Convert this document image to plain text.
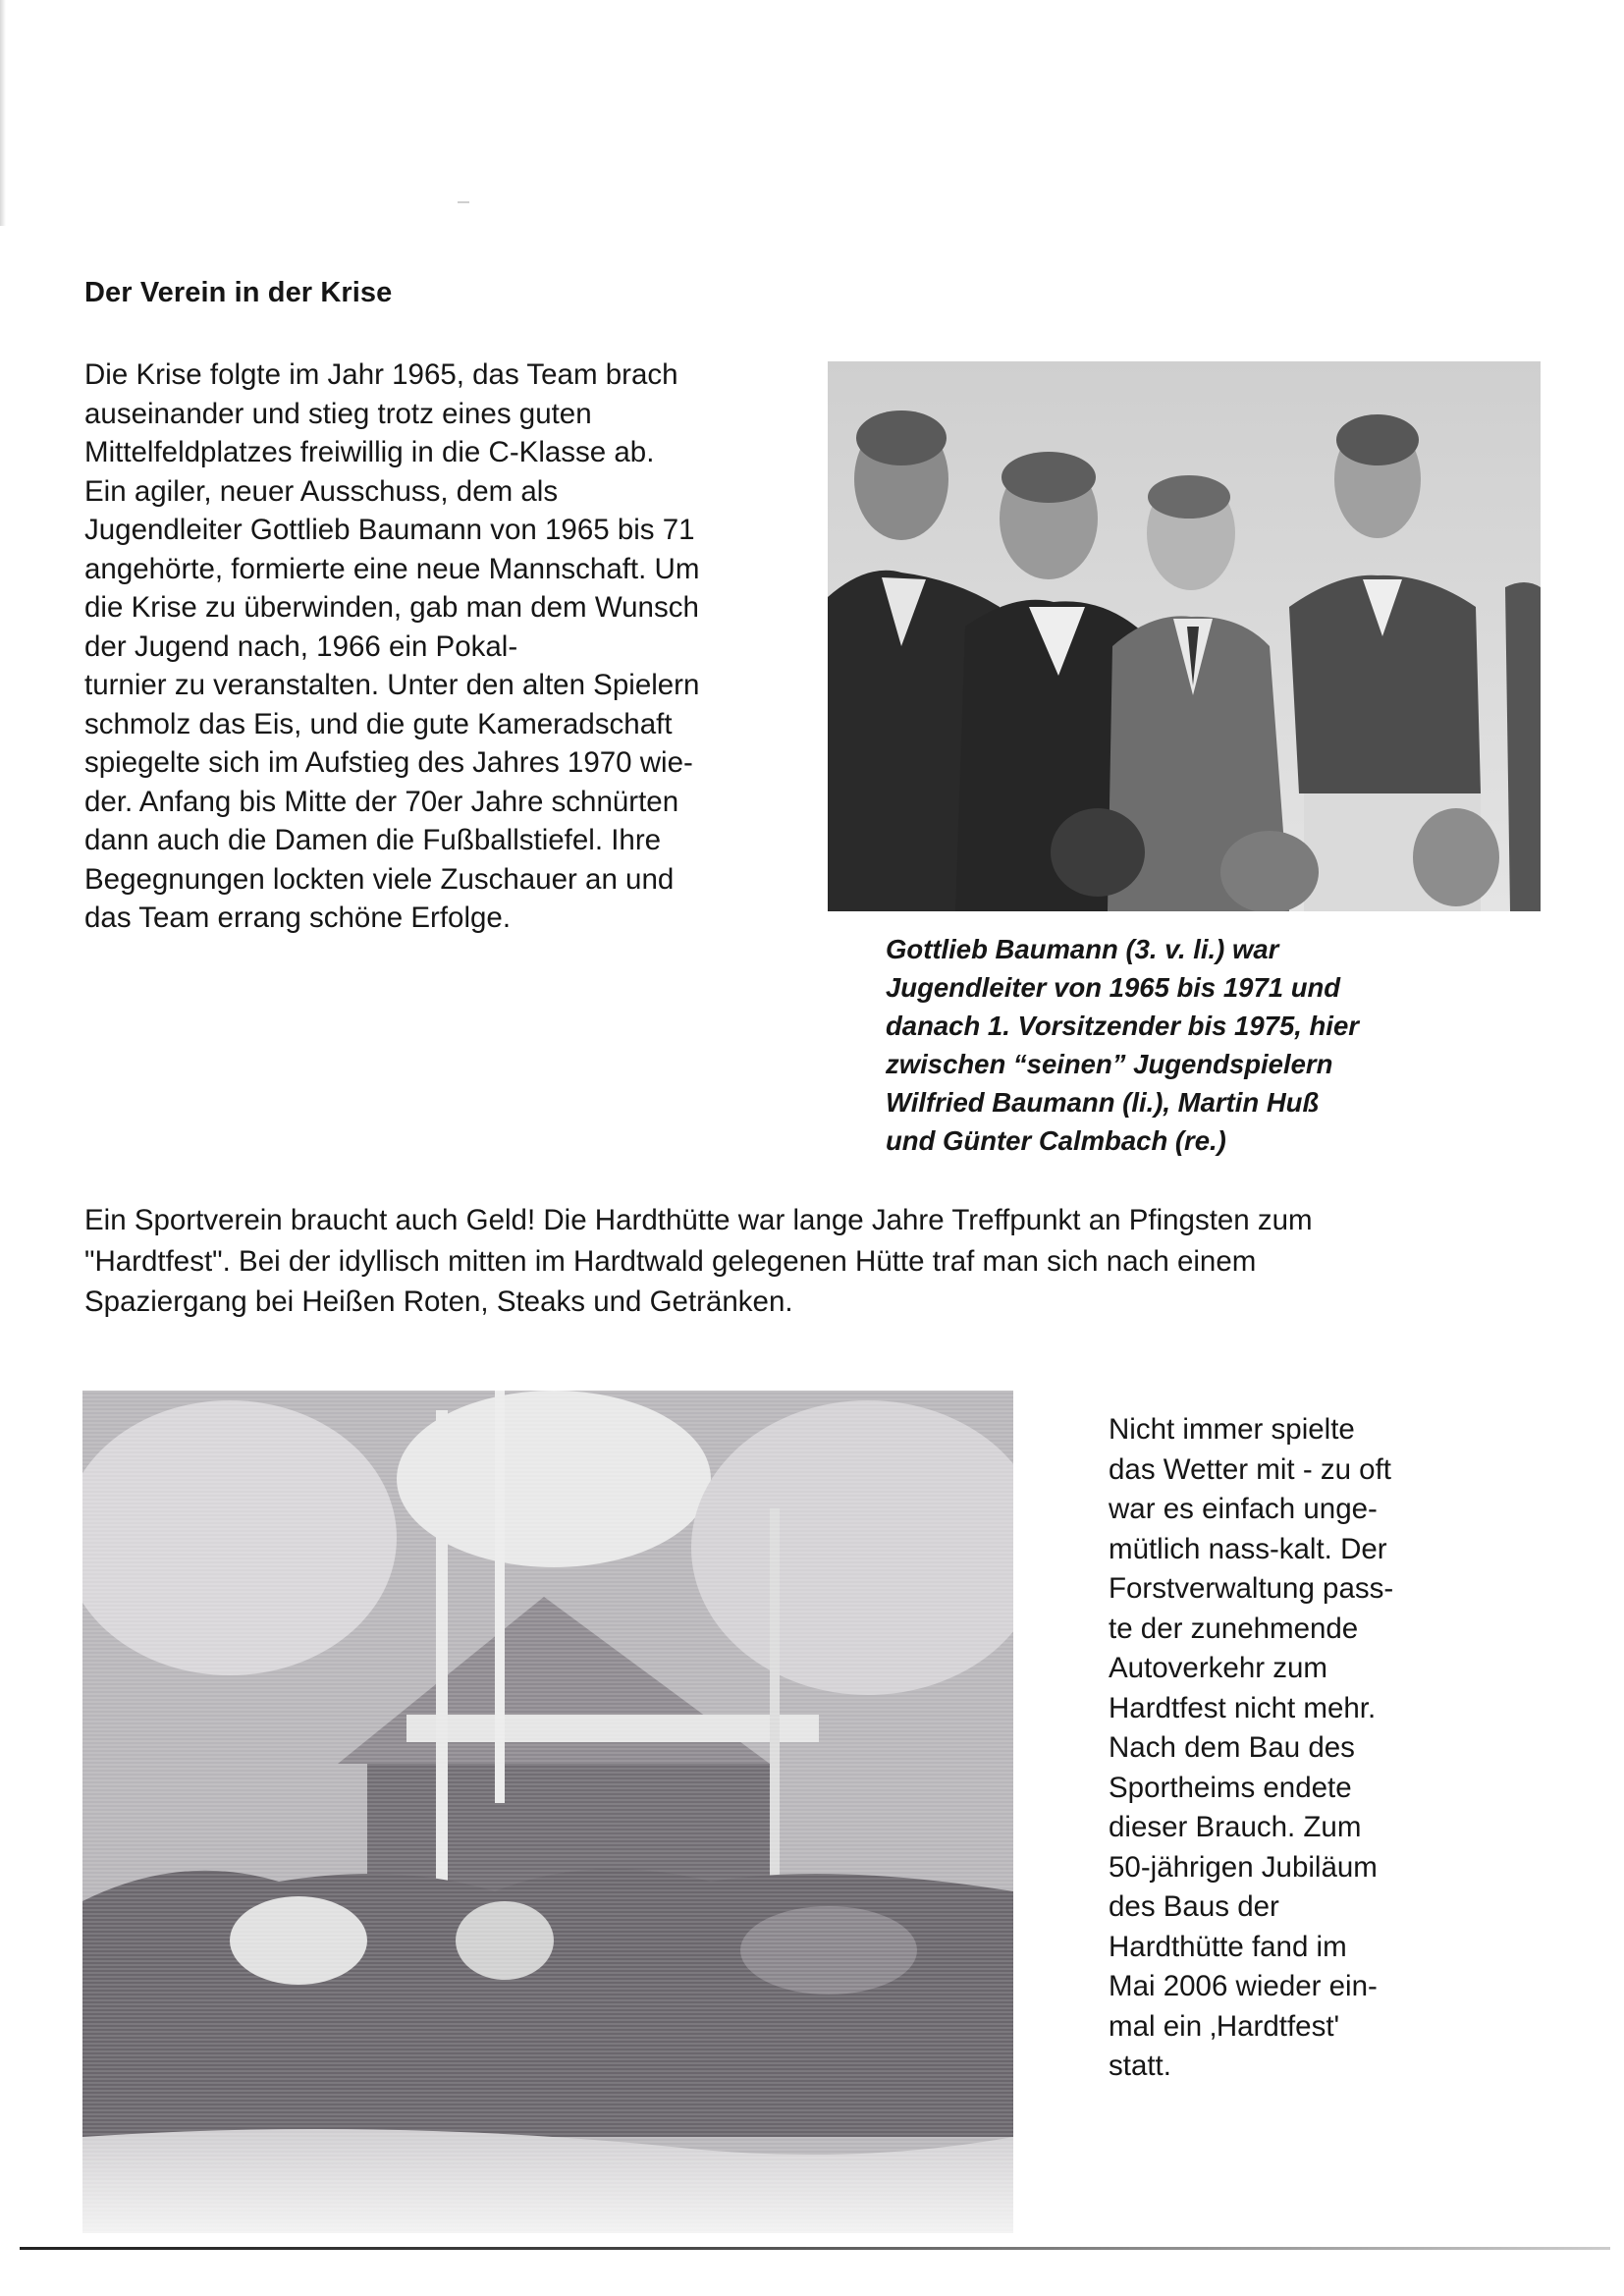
Der Verein in der Krise

Die Krise folgte im Jahr 1965, das Team brach
auseinander und stieg trotz eines guten
Mittelfeldplatzes freiwillig in die C-Klasse ab.
Ein agiler, neuer Ausschuss, dem als
Jugendleiter Gottlieb Baumann von 1965 bis 71
angehörte, formierte eine neue Mannschaft. Um
die Krise zu überwinden, gab man dem Wunsch
der Jugend nach, 1966 ein Pokal-
turnier zu veranstalten. Unter den alten Spielern
schmolz das Eis, und die gute Kameradschaft
spiegelte sich im Aufstieg des Jahres 1970 wie-
der. Anfang bis Mitte der 70er Jahre schnürten
dann auch die Damen die Fußballstiefel. Ihre
Begegnungen lockten viele Zuschauer an und
das Team errang schöne Erfolge.

Gottlieb Baumann (3. v. li.) war
Jugendleiter von 1965 bis 1971 und
danach 1. Vorsitzender bis 1975, hier
zwischen “seinen” Jugendspielern
Wilfried Baumann (li.), Martin Huß
und Günter Calmbach (re.)

Ein Sportverein braucht auch Geld! Die Hardthütte war lange Jahre Treffpunkt an Pfingsten zum
"Hardtfest". Bei der idyllisch mitten im Hardtwald gelegenen Hütte traf man sich nach einem
Spaziergang bei Heißen Roten, Steaks und Getränken.

Nicht immer spielte
das Wetter mit - zu oft
war es einfach unge-
mütlich nass-kalt. Der
Forstverwaltung pass-
te der zunehmende
Autoverkehr zum
Hardtfest nicht mehr.
Nach dem Bau des
Sportheims endete
dieser Brauch. Zum
50-jährigen Jubiläum
des Baus der
Hardthütte fand im
Mai 2006 wieder ein-
mal ein ‚Hardtfest'
statt.
